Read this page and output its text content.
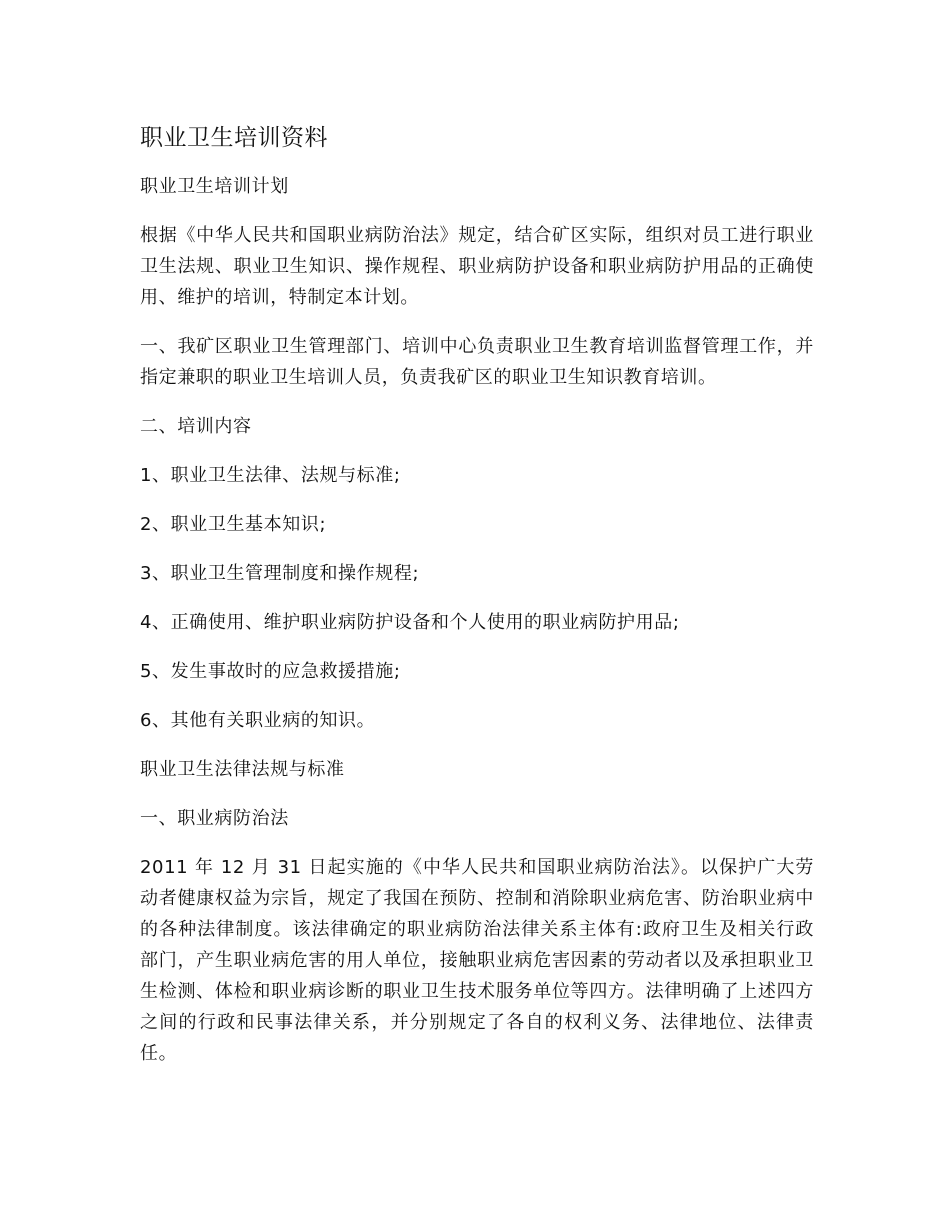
职业卫生培训资料

职业卫生培训计划

根据《中华人民共和国职业病防治法》规定，结合矿区实际，组织对员工进行职业卫生法规、职业卫生知识、操作规程、职业病防护设备和职业病防护用品的正确使用、维护的培训，特制定本计划。

一、我矿区职业卫生管理部门、培训中心负责职业卫生教育培训监督管理工作，并指定兼职的职业卫生培训人员，负责我矿区的职业卫生知识教育培训。

二、培训内容

1、职业卫生法律、法规与标准;

2、职业卫生基本知识;

3、职业卫生管理制度和操作规程;

4、正确使用、维护职业病防护设备和个人使用的职业病防护用品;

5、发生事故时的应急救援措施;

6、其他有关职业病的知识。

职业卫生法律法规与标准

一、职业病防治法

2011 年 12 月 31 日起实施的《中华人民共和国职业病防治法》。以保护广大劳动者健康权益为宗旨，规定了我国在预防、控制和消除职业病危害、防治职业病中的各种法律制度。该法律确定的职业病防治法律关系主体有:政府卫生及相关行政部门，产生职业病危害的用人单位，接触职业病危害因素的劳动者以及承担职业卫生检测、体检和职业病诊断的职业卫生技术服务单位等四方。法律明确了上述四方之间的行政和民事法律关系，并分别规定了各自的权利义务、法律地位、法律责任。
